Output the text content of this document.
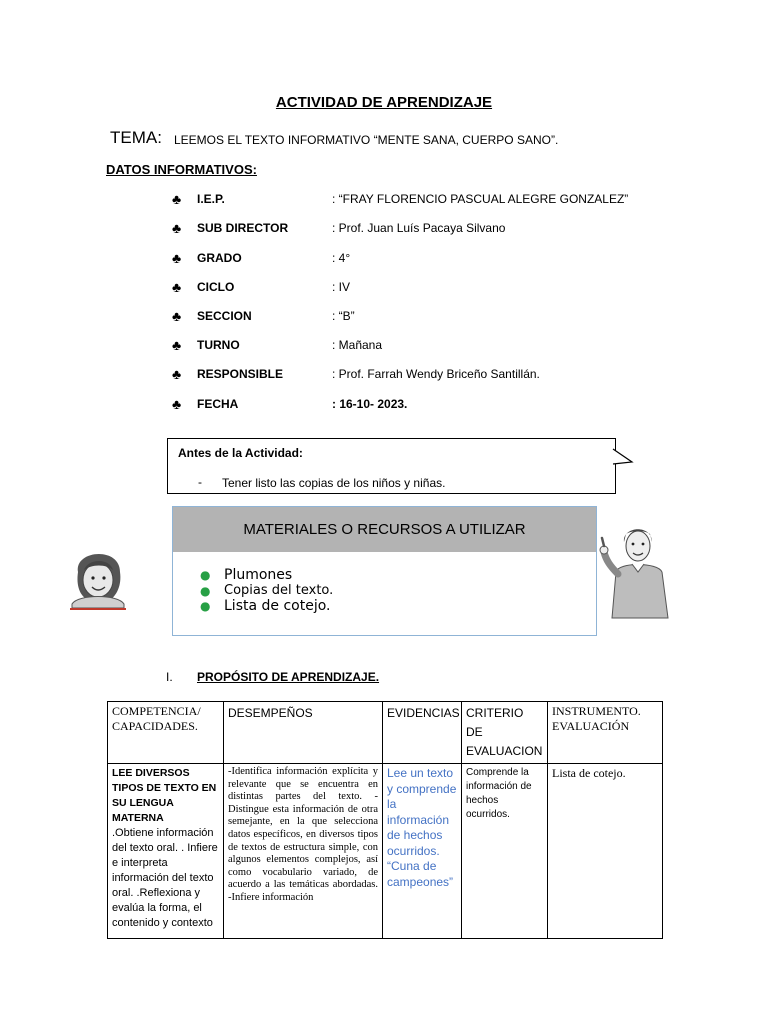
ACTIVIDAD DE APRENDIZAJE
TEMA: LEEMOS EL TEXTO INFORMATIVO “MENTE SANA, CUERPO SANO”.
DATOS INFORMATIVOS:
♣	I.E.P.	: “FRAY FLORENCIO PASCUAL ALEGRE GONZALEZ”
♣	SUB DIRECTOR	: Prof. Juan Luís Pacaya Silvano
♣	GRADO	: 4°
♣	CICLO	: IV
♣	SECCION	: “B”
♣	TURNO	: Mañana
♣	RESPONSIBLE	: Prof. Farrah Wendy Briceño Santillán.
♣	FECHA	: 16-10- 2023.
Antes de la Actividad:
- Tener listo las copias de los niños y niñas.
MATERIALES O RECURSOS A UTILIZAR
● Plumones
●	Copias del texto.
● Lista de cotejo.
I. PROPÓSITO DE APRENDIZAJE.
COMPETENCIA/ CAPACIDADES.	DESEMPEÑOS	EVIDENCIAS	CRITERIO DE EVALUACION	INSTRUMENTO. EVALUACIÓN

LEE DIVERSOS TIPOS DE TEXTO EN SU LENGUA MATERNA
.Obtiene información del texto oral. . Infiere e interpreta información del texto oral. .Reflexiona y evalúa la forma, el contenido y contexto	-Identifica información explícita y relevante que se encuentra en distintas partes del texto. -Distingue esta información de otra semejante, en la que selecciona datos específicos, en diversos tipos de textos de estructura simple, con algunos elementos complejos, así como vocabulario variado, de acuerdo a las temáticas abordadas. -Infiere información	Lee un texto y comprende la información de hechos ocurridos. “Cuna de campeones”	Comprende la información de hechos ocurridos.	Lista de cotejo.
